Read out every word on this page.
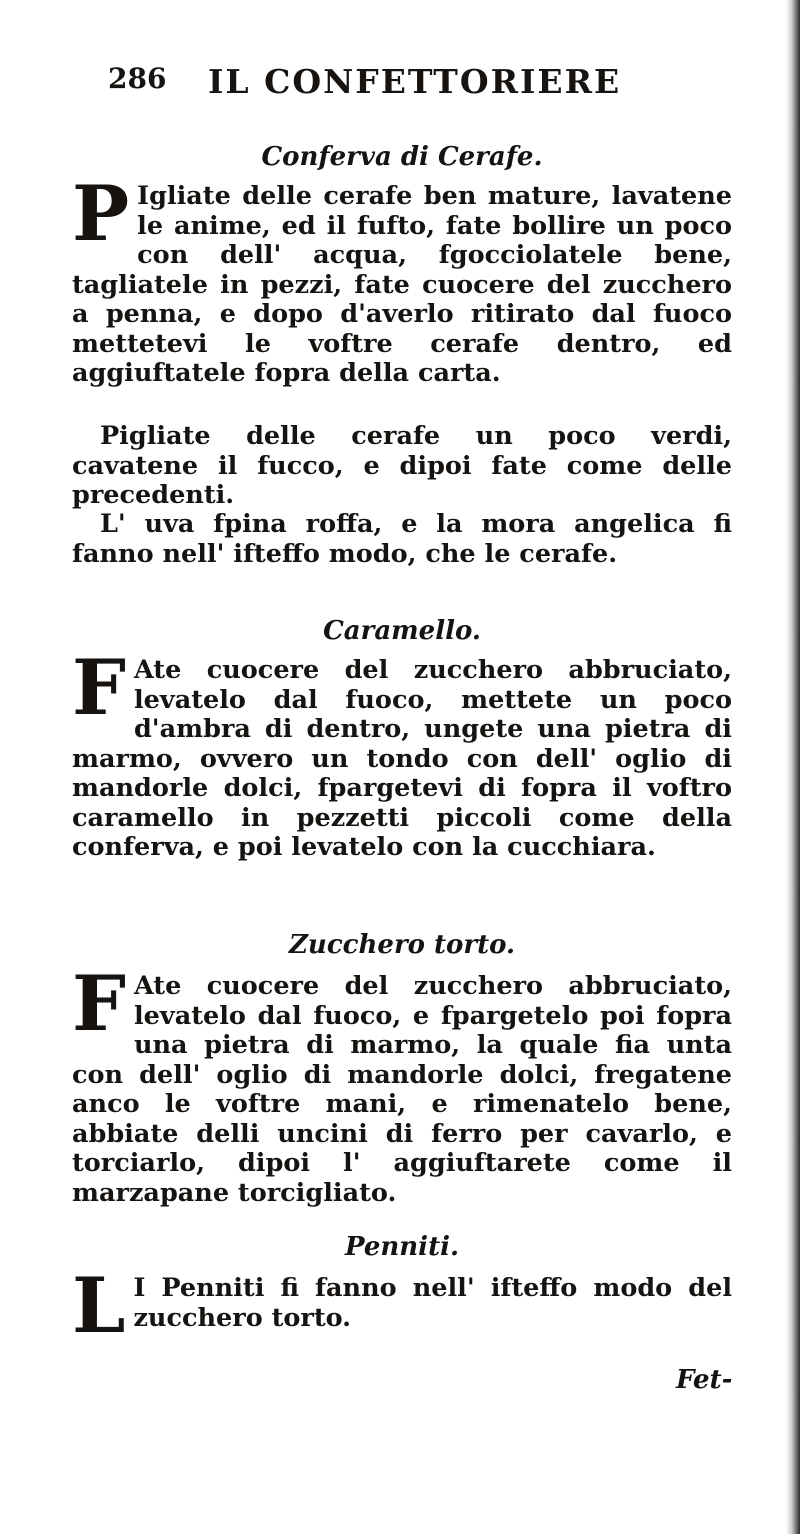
286 IL CONFETTORIERE
Conferva di Cerafe.
P Igliate delle cerafe ben mature, lavatene le anime, ed il fufto, fate bollire un poco con dell' acqua, fgocciolatele bene, tagliatele in pezzi, fate cuocere del zucchero a penna, e dopo d'averlo ritirato dal fuoco mettetevi le voftre cerafe dentro, ed aggiuftatele fopra della carta.
Pigliate delle cerafe un poco verdi, cavatene il fucco, e dipoi fate come delle precedenti.
L' uva fpina roffa, e la mora angelica fi fanno nell' ifteffo modo, che le cerafe.
Caramello.
F Ate cuocere del zucchero abbruciato, levatelo dal fuoco, mettete un poco d'ambra di dentro, ungete una pietra di marmo, ovvero un tondo con dell' oglio di mandorle dolci, fpargetevi di fopra il voftro caramello in pezzetti piccoli come della conferva, e poi levatelo con la cucchiara.
Zucchero torto.
F Ate cuocere del zucchero abbruciato, levatelo dal fuoco, e fpargetelo poi fopra una pietra di marmo, la quale fia unta con dell' oglio di mandorle dolci, fregatene anco le voftre mani, e rimenatelo bene, abbiate delli uncini di ferro per cavarlo, e torciarlo, dipoi l' aggiuftarete come il marzapane torcigliato.
Penniti.
L I Penniti fi fanno nell' ifteffo modo del zucchero torto.
Fet-
